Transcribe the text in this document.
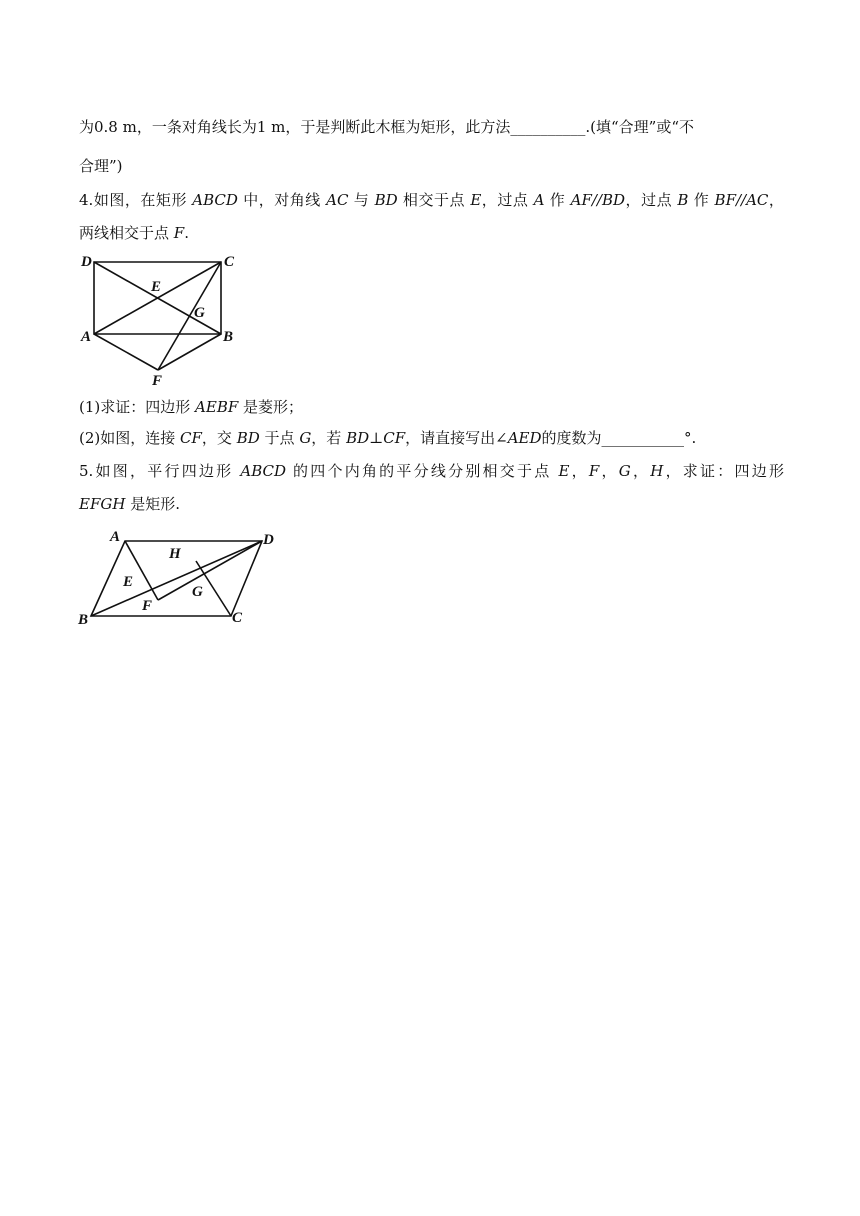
为0.8 m，一条对角线长为1 m，于是判断此木框为矩形，此方法__________.(填“合理”或“不
合理”)
4.如图，在矩形 ABCD 中，对角线 AC 与 BD 相交于点 E，过点 A 作 AF//BD，过点 B 作 BF//AC，
两线相交于点 F.
D	C
E
G
A	B
F
(1)求证：四边形 AEBF 是菱形；
(2)如图，连接 CF，交 BD 于点 G，若 BD⊥CF，请直接写出∠AED的度数为___________°.
5.如图，平行四边形 ABCD 的四个内角的平分线分别相交于点 E，F，G，H，求证：四边形
EFGH 是矩形.
A	D
H
E
G
F
B	C
